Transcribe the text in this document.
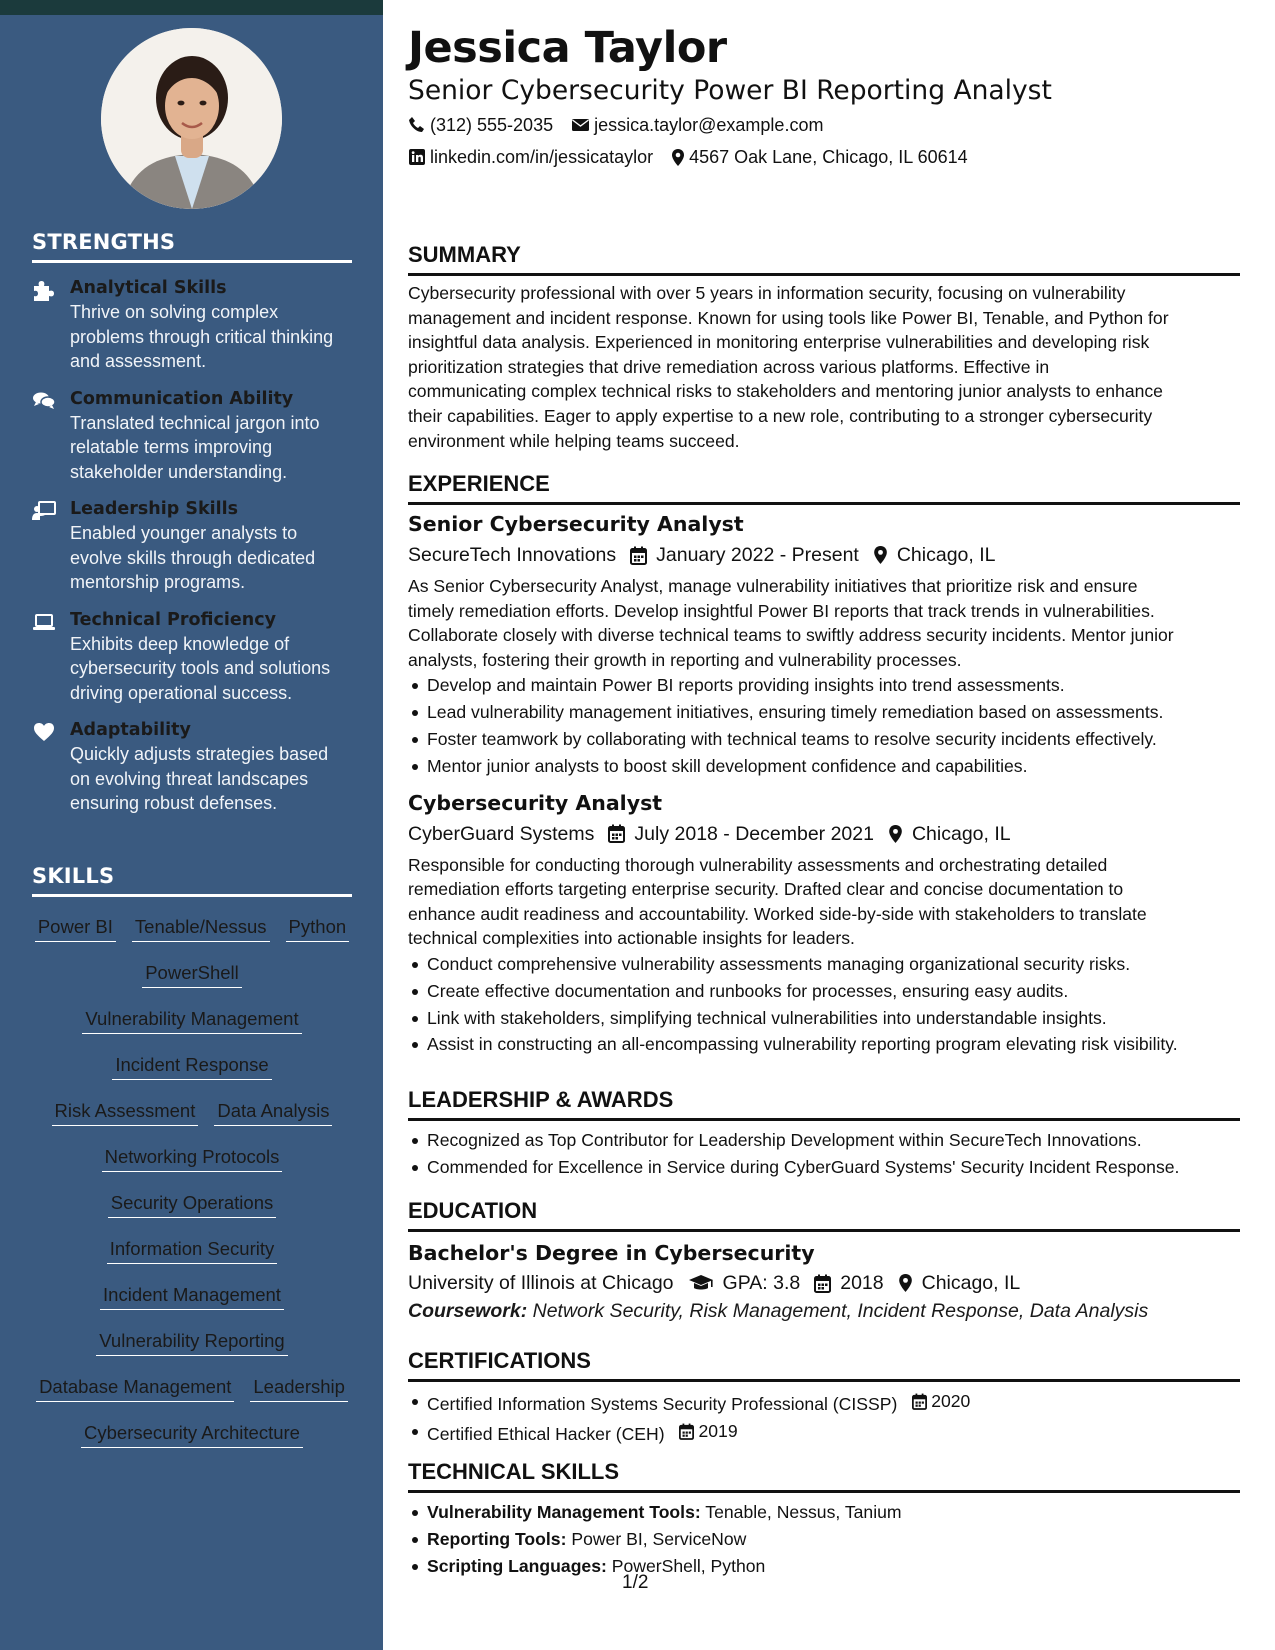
STRENGTHS
Analytical Skills
Thrive on solving complex problems through critical thinking and assessment.
Communication Ability
Translated technical jargon into relatable terms improving stakeholder understanding.
Leadership Skills
Enabled younger analysts to evolve skills through dedicated mentorship programs.
Technical Proficiency
Exhibits deep knowledge of cybersecurity tools and solutions driving operational success.
Adaptability
Quickly adjusts strategies based on evolving threat landscapes ensuring robust defenses.
SKILLS
Power BI Tenable/Nessus Python
PowerShell
Vulnerability Management
Incident Response
Risk Assessment Data Analysis
Networking Protocols
Security Operations
Information Security
Incident Management
Vulnerability Reporting
Database Management Leadership
Cybersecurity Architecture
Jessica Taylor
Senior Cybersecurity Power BI Reporting Analyst
(312) 555-2035 jessica.taylor@example.com
linkedin.com/in/jessicataylor 4567 Oak Lane, Chicago, IL 60614
SUMMARY
Cybersecurity professional with over 5 years in information security, focusing on vulnerability
management and incident response. Known for using tools like Power BI, Tenable, and Python for
insightful data analysis. Experienced in monitoring enterprise vulnerabilities and developing risk
prioritization strategies that drive remediation across various platforms. Effective in
communicating complex technical risks to stakeholders and mentoring junior analysts to enhance
their capabilities. Eager to apply expertise to a new role, contributing to a stronger cybersecurity
environment while helping teams succeed.
EXPERIENCE
Senior Cybersecurity Analyst
SecureTech Innovations January 2022 - Present Chicago, IL
As Senior Cybersecurity Analyst, manage vulnerability initiatives that prioritize risk and ensure
timely remediation efforts. Develop insightful Power BI reports that track trends in vulnerabilities.
Collaborate closely with diverse technical teams to swiftly address security incidents. Mentor junior
analysts, fostering their growth in reporting and vulnerability processes.
Develop and maintain Power BI reports providing insights into trend assessments.
Lead vulnerability management initiatives, ensuring timely remediation based on assessments.
Foster teamwork by collaborating with technical teams to resolve security incidents effectively.
Mentor junior analysts to boost skill development confidence and capabilities.
Cybersecurity Analyst
CyberGuard Systems July 2018 - December 2021 Chicago, IL
Responsible for conducting thorough vulnerability assessments and orchestrating detailed
remediation efforts targeting enterprise security. Drafted clear and concise documentation to
enhance audit readiness and accountability. Worked side-by-side with stakeholders to translate
technical complexities into actionable insights for leaders.
Conduct comprehensive vulnerability assessments managing organizational security risks.
Create effective documentation and runbooks for processes, ensuring easy audits.
Link with stakeholders, simplifying technical vulnerabilities into understandable insights.
Assist in constructing an all-encompassing vulnerability reporting program elevating risk visibility.
LEADERSHIP & AWARDS
Recognized as Top Contributor for Leadership Development within SecureTech Innovations.
Commended for Excellence in Service during CyberGuard Systems' Security Incident Response.
EDUCATION
Bachelor's Degree in Cybersecurity
University of Illinois at Chicago	GPA: 3.8 2018 Chicago, IL
Coursework: Network Security, Risk Management, Incident Response, Data Analysis
CERTIFICATIONS
Certified Information Systems Security Professional (CISSP) 2020
Certified Ethical Hacker (CEH) 2019
TECHNICAL SKILLS
Vulnerability Management Tools: Tenable, Nessus, Tanium
Reporting Tools: Power BI, ServiceNow
Scripting Languages: PowerShell, Python
1/2
